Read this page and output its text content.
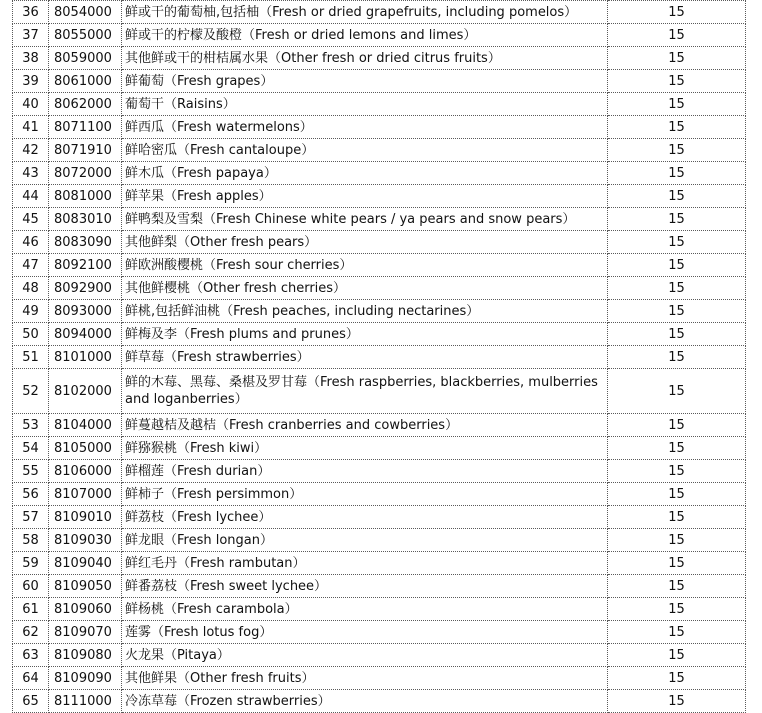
36	8054000	鲜或干的葡萄柚,包括柚（Fresh or dried grapefruits, including pomelos）	15
37	8055000	鲜或干的柠檬及酸橙（Fresh or dried lemons and limes）	15
38	8059000	其他鲜或干的柑桔属水果（Other fresh or dried citrus fruits）	15
39	8061000	鲜葡萄（Fresh grapes）	15
40	8062000	葡萄干（Raisins）	15
41	8071100	鲜西瓜（Fresh watermelons）	15
42	8071910	鲜哈密瓜（Fresh cantaloupe）	15
43	8072000	鲜木瓜（Fresh papaya）	15
44	8081000	鲜苹果（Fresh apples）	15
45	8083010	鲜鸭梨及雪梨（Fresh Chinese white pears / ya pears and snow pears）	15
46	8083090	其他鲜梨（Other fresh pears）	15
47	8092100	鲜欧洲酸樱桃（Fresh sour cherries）	15
48	8092900	其他鲜樱桃（Other fresh cherries）	15
49	8093000	鲜桃,包括鲜油桃（Fresh peaches, including nectarines）	15
50	8094000	鲜梅及李（Fresh plums and prunes）	15
51	8101000	鲜草莓（Fresh strawberries）	15
52	8102000	鲜的木莓、黑莓、桑椹及罗甘莓（Fresh raspberries, blackberries, mulberries and loganberries）	15
53	8104000	鲜蔓越桔及越桔（Fresh cranberries and cowberries）	15
54	8105000	鲜猕猴桃（Fresh kiwi）	15
55	8106000	鲜榴莲（Fresh durian）	15
56	8107000	鲜柿子（Fresh persimmon）	15
57	8109010	鲜荔枝（Fresh lychee）	15
58	8109030	鲜龙眼（Fresh longan）	15
59	8109040	鲜红毛丹（Fresh rambutan）	15
60	8109050	鲜番荔枝（Fresh sweet lychee）	15
61	8109060	鲜杨桃（Fresh carambola）	15
62	8109070	莲雾（Fresh lotus fog）	15
63	8109080	火龙果（Pitaya）	15
64	8109090	其他鲜果（Other fresh fruits）	15
65	8111000	冷冻草莓（Frozen strawberries）	15
